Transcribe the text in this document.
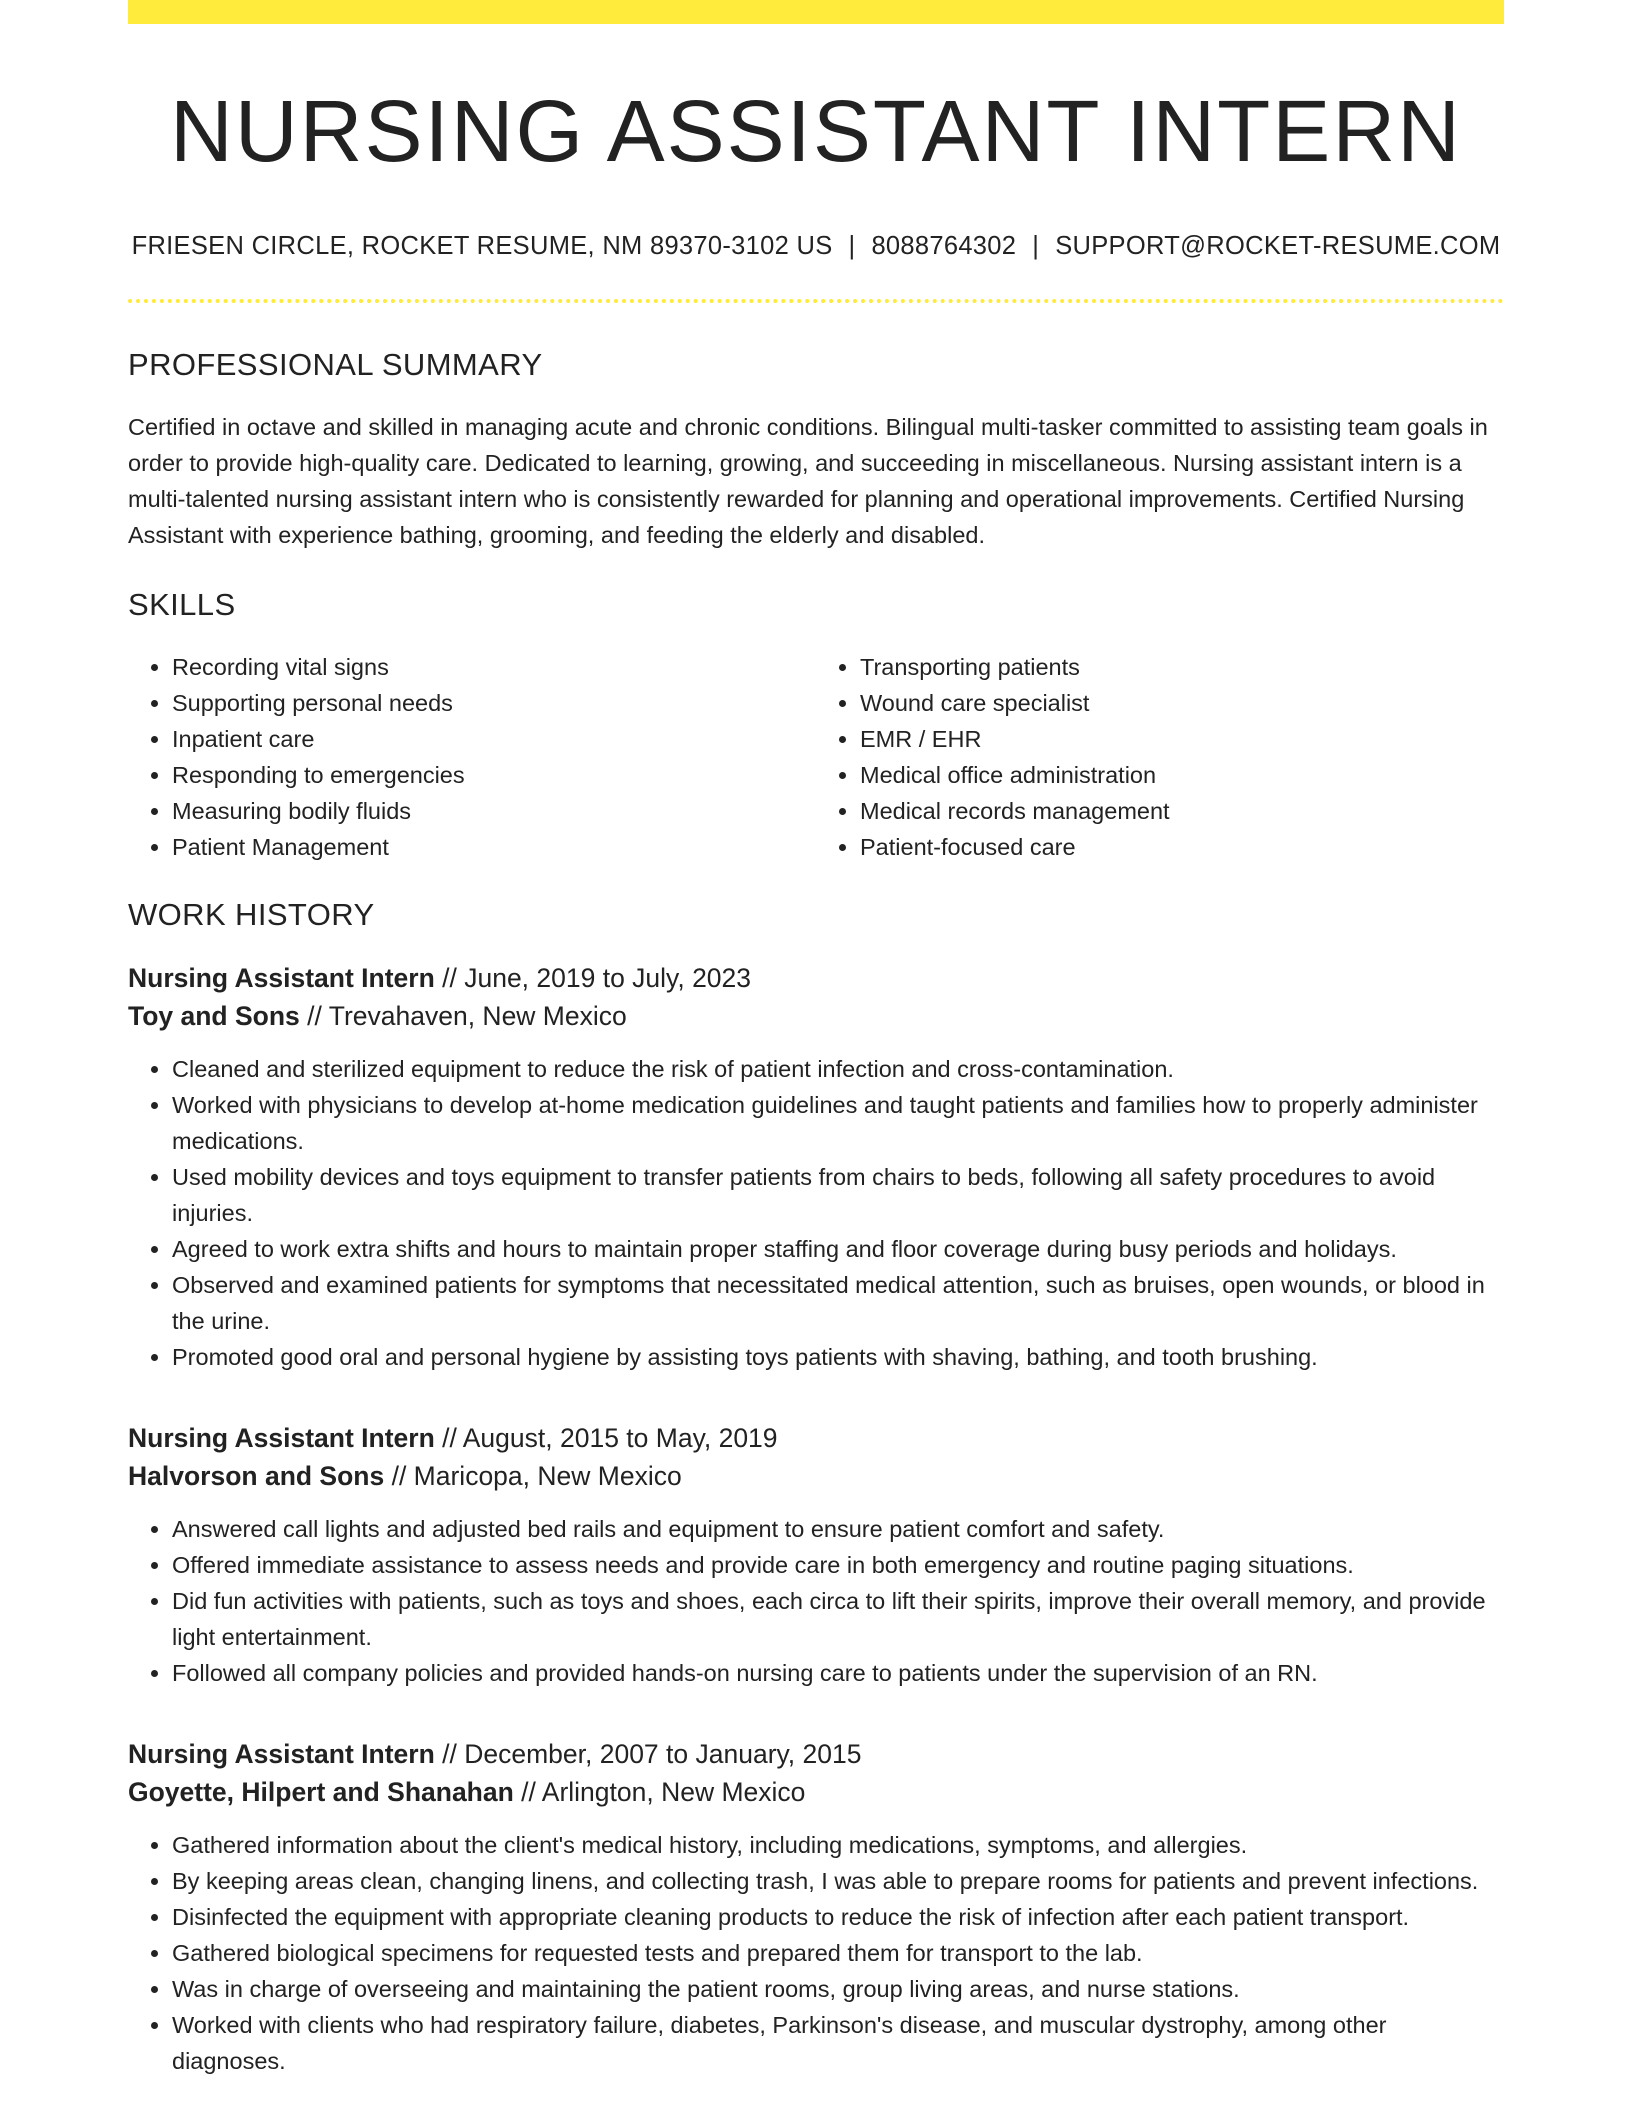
NURSING ASSISTANT INTERN
FRIESEN CIRCLE, ROCKET RESUME, NM 89370-3102 US | 8088764302 | SUPPORT@ROCKET-RESUME.COM
PROFESSIONAL SUMMARY

Certified in octave and skilled in managing acute and chronic conditions. Bilingual multi-tasker committed to assisting team goals in order to provide high-quality care. Dedicated to learning, growing, and succeeding in miscellaneous. Nursing assistant intern is a multi-talented nursing assistant intern who is consistently rewarded for planning and operational improvements. Certified Nursing Assistant with experience bathing, grooming, and feeding the elderly and disabled.

SKILLS
• Recording vital signs
• Supporting personal needs
• Inpatient care
• Responding to emergencies
• Measuring bodily fluids
• Patient Management
• Transporting patients
• Wound care specialist
• EMR / EHR
• Medical office administration
• Medical records management
• Patient-focused care
WORK HISTORY
Nursing Assistant Intern // June, 2019 to July, 2023
Toy and Sons // Trevahaven, New Mexico
• Cleaned and sterilized equipment to reduce the risk of patient infection and cross-contamination.
• Worked with physicians to develop at-home medication guidelines and taught patients and families how to properly administer medications.
• Used mobility devices and toys equipment to transfer patients from chairs to beds, following all safety procedures to avoid injuries.
• Agreed to work extra shifts and hours to maintain proper staffing and floor coverage during busy periods and holidays.
• Observed and examined patients for symptoms that necessitated medical attention, such as bruises, open wounds, or blood in the urine.
• Promoted good oral and personal hygiene by assisting toys patients with shaving, bathing, and tooth brushing.
Nursing Assistant Intern // August, 2015 to May, 2019
Halvorson and Sons // Maricopa, New Mexico
• Answered call lights and adjusted bed rails and equipment to ensure patient comfort and safety.
• Offered immediate assistance to assess needs and provide care in both emergency and routine paging situations.
• Did fun activities with patients, such as toys and shoes, each circa to lift their spirits, improve their overall memory, and provide light entertainment.
• Followed all company policies and provided hands-on nursing care to patients under the supervision of an RN.
Nursing Assistant Intern // December, 2007 to January, 2015
Goyette, Hilpert and Shanahan // Arlington, New Mexico
• Gathered information about the client's medical history, including medications, symptoms, and allergies.
• By keeping areas clean, changing linens, and collecting trash, I was able to prepare rooms for patients and prevent infections.
• Disinfected the equipment with appropriate cleaning products to reduce the risk of infection after each patient transport.
• Gathered biological specimens for requested tests and prepared them for transport to the lab.
• Was in charge of overseeing and maintaining the patient rooms, group living areas, and nurse stations.
• Worked with clients who had respiratory failure, diabetes, Parkinson's disease, and muscular dystrophy, among other diagnoses.
